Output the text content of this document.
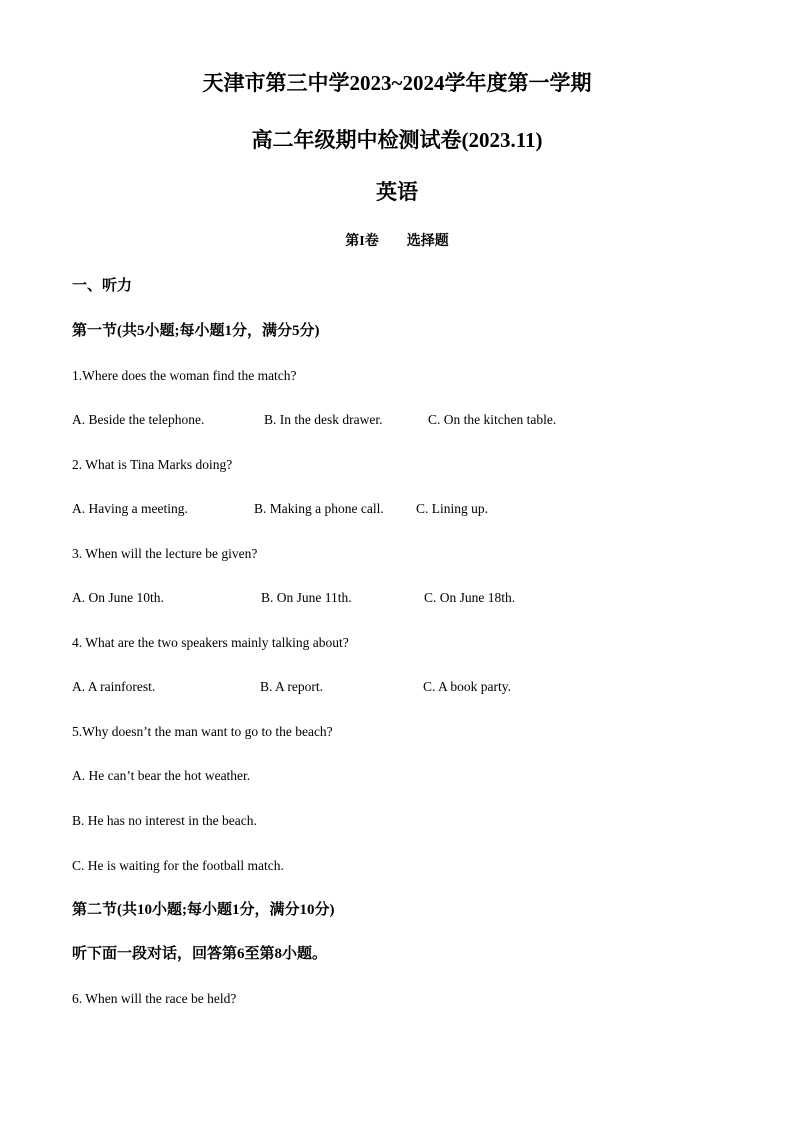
天津市第三中学2023~2024学年度第一学期
高二年级期中检测试卷(2023.11)
英语
第I卷　　选择题
一、听力
第一节(共5小题;每小题1分，满分5分)
1.Where does the woman find the match?
A. Beside the telephone.	B. In the desk drawer.	C. On the kitchen table.
2. What is Tina Marks doing?
A. Having a meeting.	B. Making a phone call. C. Lining up.
3. When will the lecture be given?
A. On June 10th.	B. On June 11th.	C. On June 18th.
4. What are the two speakers mainly talking about?
A. A rainforest.	B. A report.	C. A book party.
5.Why doesn’t the man want to go to the beach?
A. He can’t bear the hot weather.
B. He has no interest in the beach.
C. He is waiting for the football match.
第二节(共10小题;每小题1分，满分10分)
听下面一段对话，回答第6至第8小题。
6. When will the race be held?
